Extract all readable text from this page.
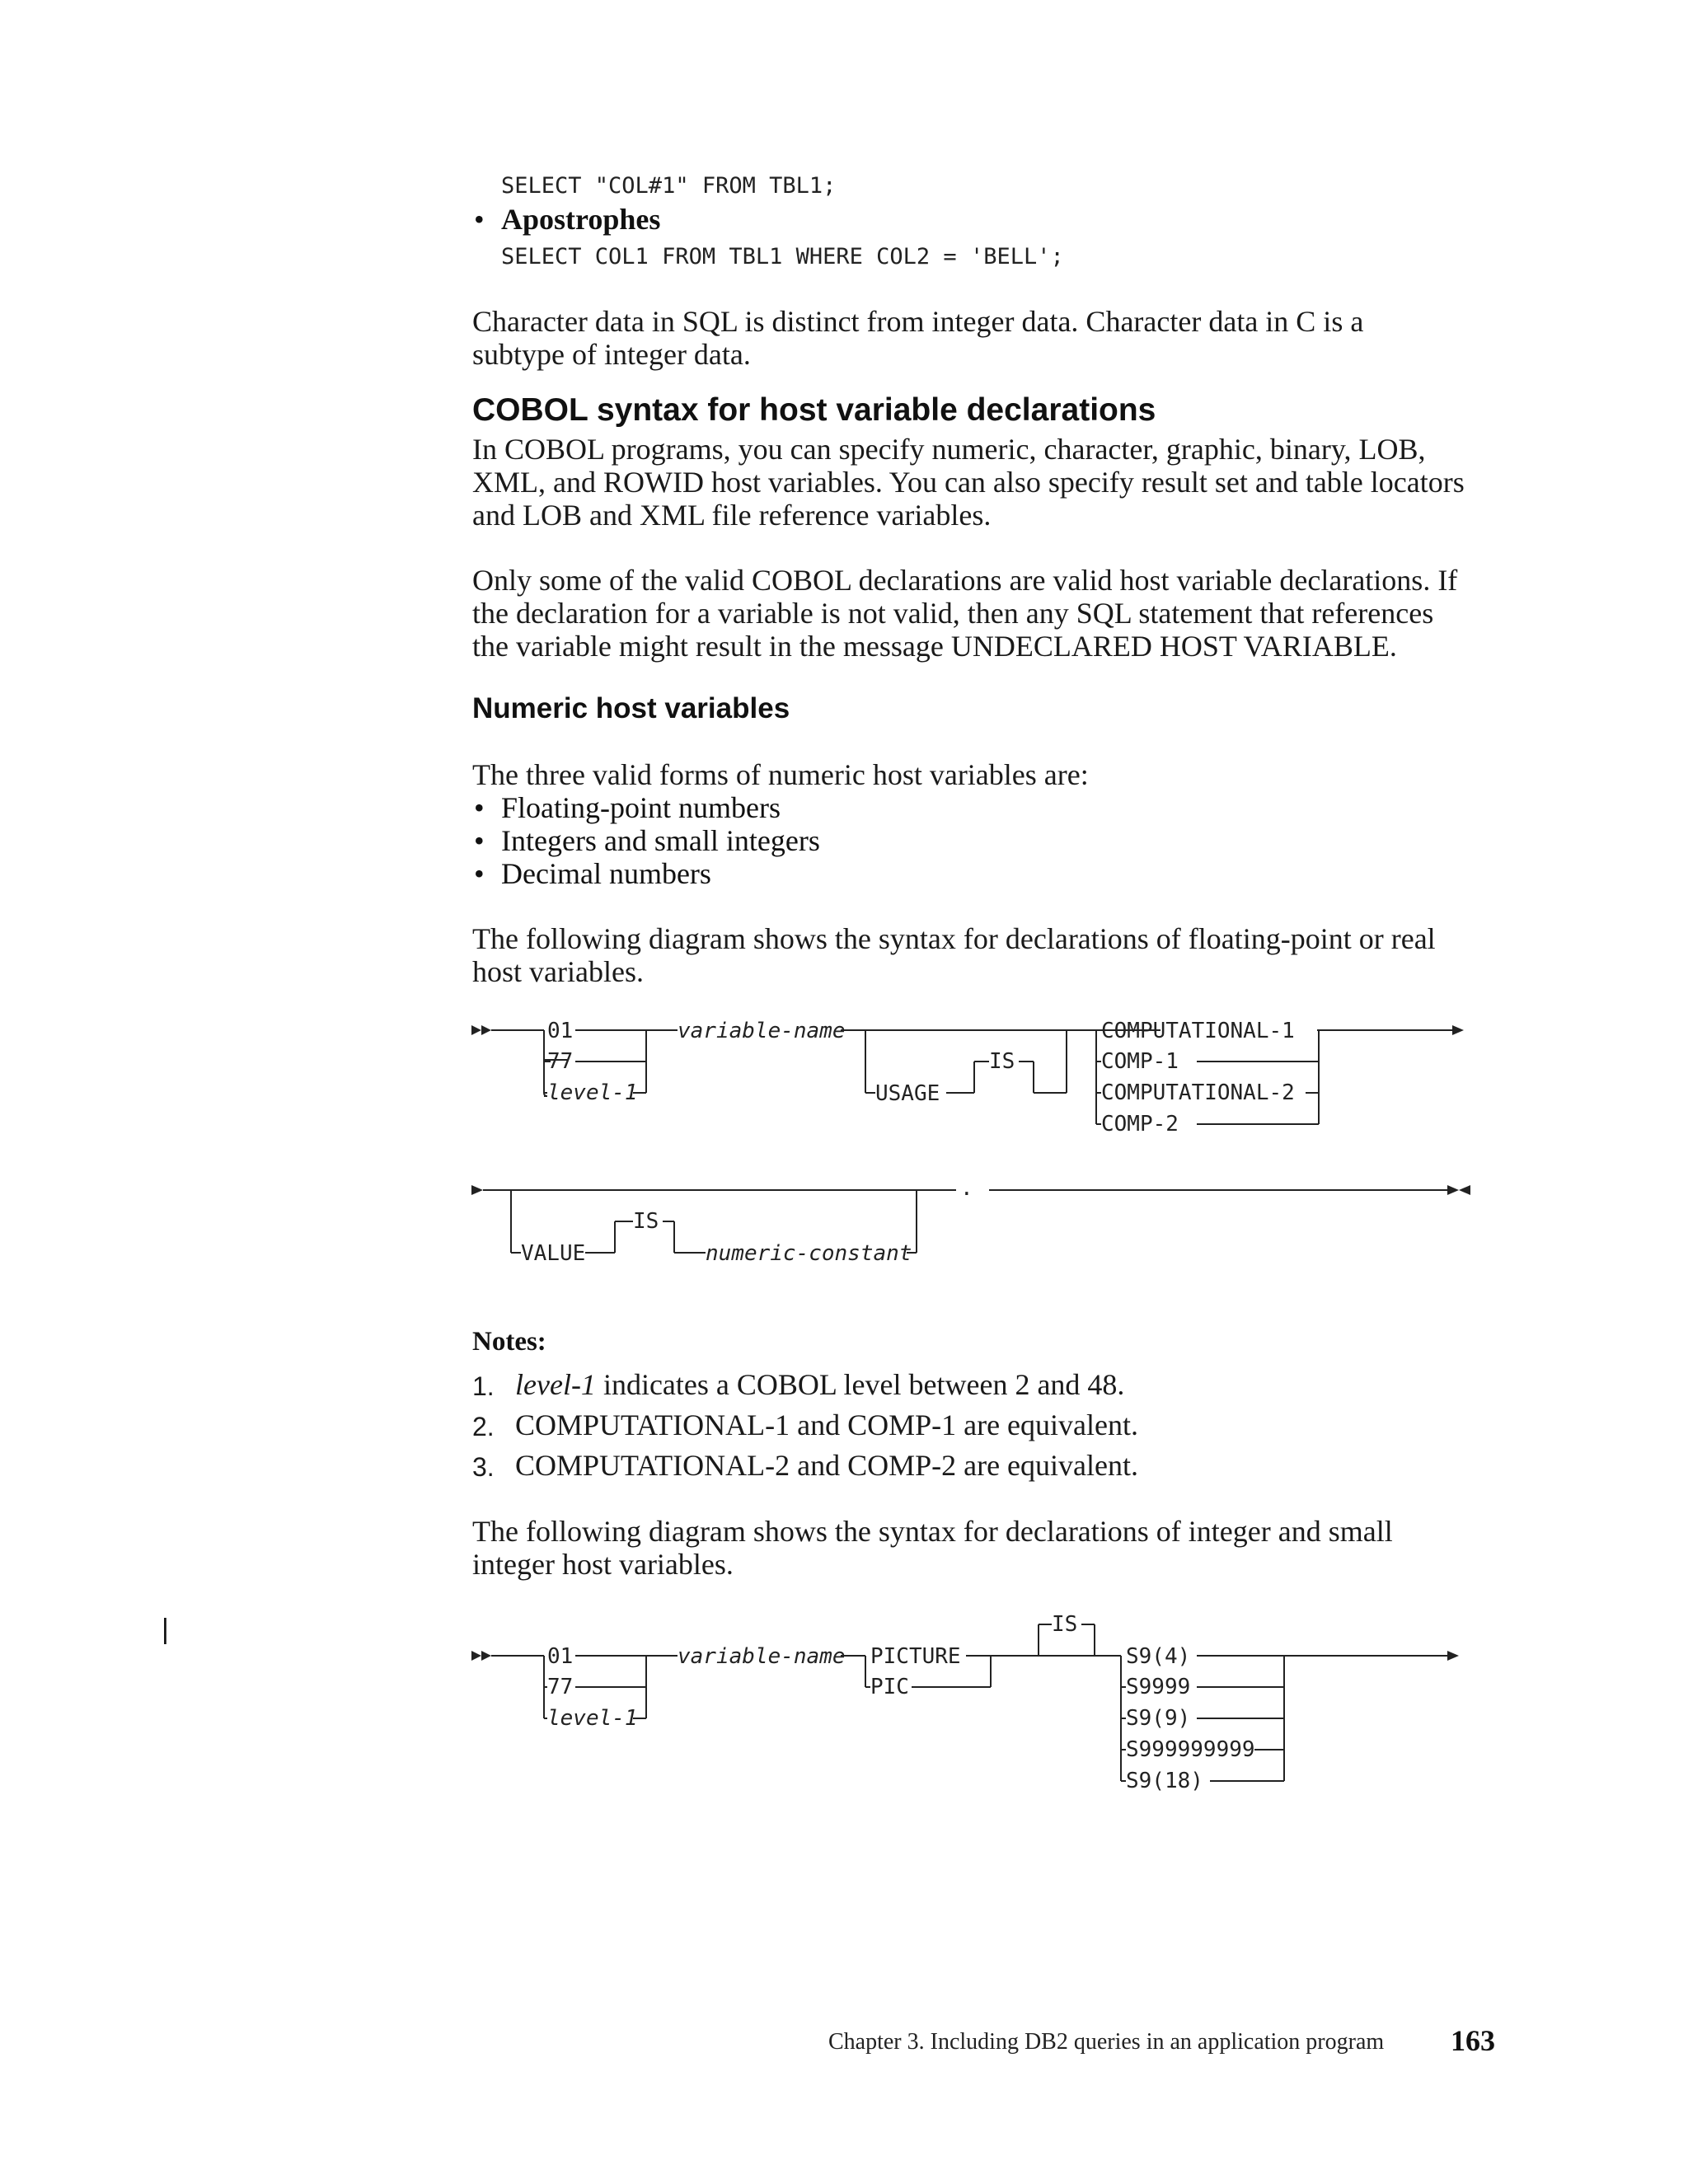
SELECT "COL#1" FROM TBL1;
• Apostrophes
SELECT COL1 FROM TBL1 WHERE COL2 = 'BELL';
Character data in SQL is distinct from integer data. Character data in C is a
subtype of integer data.
COBOL syntax for host variable declarations
In COBOL programs, you can specify numeric, character, graphic, binary, LOB,
XML, and ROWID host variables. You can also specify result set and table locators
and LOB and XML file reference variables.
Only some of the valid COBOL declarations are valid host variable declarations. If
the declaration for a variable is not valid, then any SQL statement that references
the variable might result in the message UNDECLARED HOST VARIABLE.
Numeric host variables
The three valid forms of numeric host variables are:
• Floating-point numbers
• Integers and small integers
• Decimal numbers
The following diagram shows the syntax for declarations of floating-point or real
host variables.
01
77
level-1
variable-name
USAGE
IS
COMPUTATIONAL-1
COMP-1
COMPUTATIONAL-2
COMP-2
VALUE
IS
numeric-constant
.
Notes:
1. level-1 indicates a COBOL level between 2 and 48.
2. COMPUTATIONAL-1 and COMP-1 are equivalent.
3. COMPUTATIONAL-2 and COMP-2 are equivalent.
The following diagram shows the syntax for declarations of integer and small
integer host variables.
|
01
77
level-1
variable-name PICTURE
PIC
IS
S9(4)
S9999
S9(9)
S999999999
S9(18)
Chapter 3. Including DB2 queries in an application program 163
